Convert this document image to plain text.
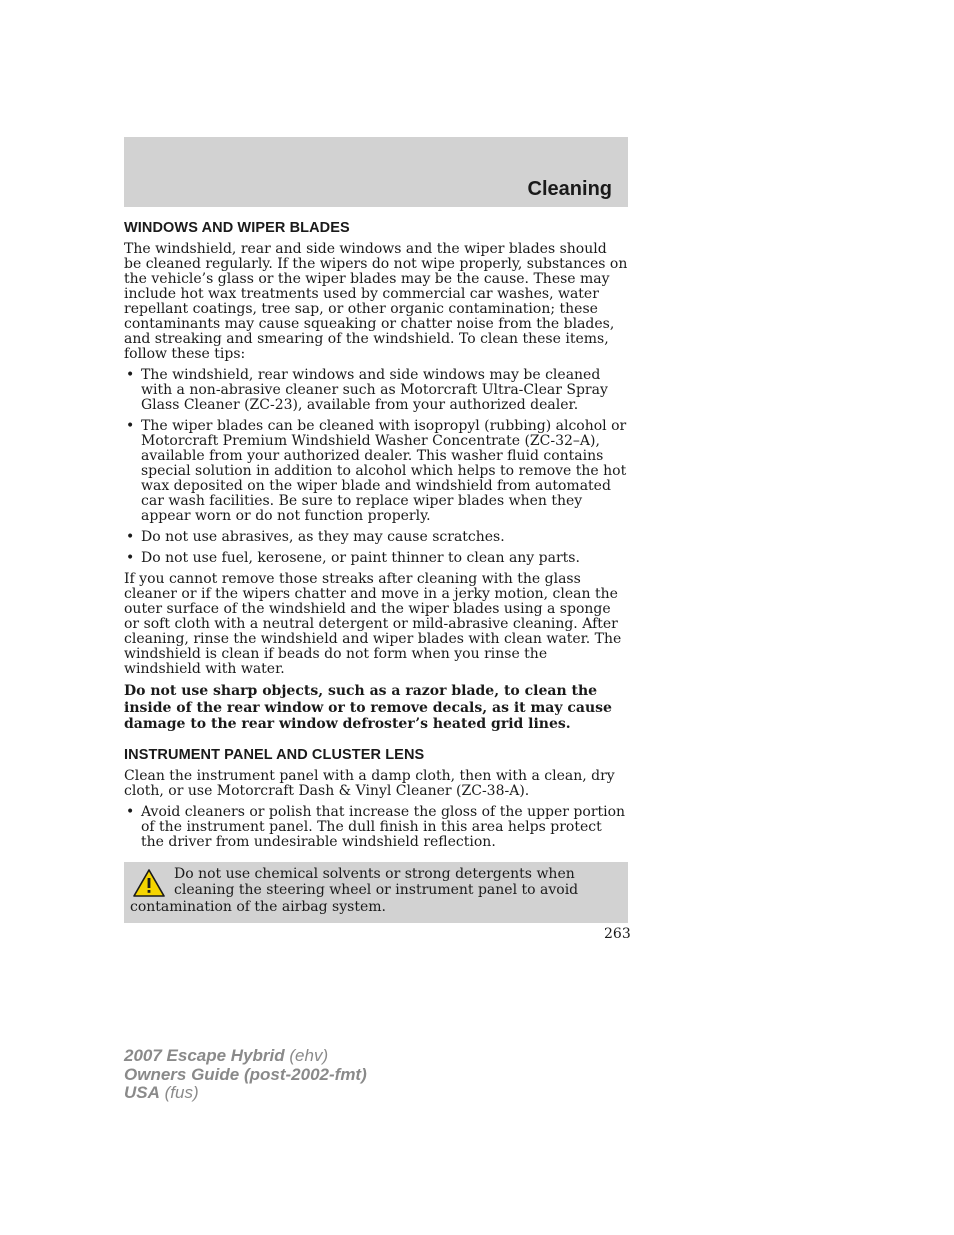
Cleaning
WINDOWS AND WIPER BLADES

The windshield, rear and side windows and the wiper blades should be cleaned regularly. If the wipers do not wipe properly, substances on the vehicle’s glass or the wiper blades may be the cause. These may include hot wax treatments used by commercial car washes, water repellant coatings, tree sap, or other organic contamination; these contaminants may cause squeaking or chatter noise from the blades, and streaking and smearing of the windshield. To clean these items, follow these tips:

• The windshield, rear windows and side windows may be cleaned with a non-abrasive cleaner such as Motorcraft Ultra-Clear Spray Glass Cleaner (ZC-23), available from your authorized dealer.
• The wiper blades can be cleaned with isopropyl (rubbing) alcohol or Motorcraft Premium Windshield Washer Concentrate (ZC-32–A), available from your authorized dealer. This washer fluid contains special solution in addition to alcohol which helps to remove the hot wax deposited on the wiper blade and windshield from automated car wash facilities. Be sure to replace wiper blades when they appear worn or do not function properly.
• Do not use abrasives, as they may cause scratches.
• Do not use fuel, kerosene, or paint thinner to clean any parts.

If you cannot remove those streaks after cleaning with the glass cleaner or if the wipers chatter and move in a jerky motion, clean the outer surface of the windshield and the wiper blades using a sponge or soft cloth with a neutral detergent or mild-abrasive cleaning. After cleaning, rinse the windshield and wiper blades with clean water. The windshield is clean if beads do not form when you rinse the windshield with water.

Do not use sharp objects, such as a razor blade, to clean the inside of the rear window or to remove decals, as it may cause damage to the rear window defroster’s heated grid lines.

INSTRUMENT PANEL AND CLUSTER LENS

Clean the instrument panel with a damp cloth, then with a clean, dry cloth, or use Motorcraft Dash & Vinyl Cleaner (ZC-38-A).

• Avoid cleaners or polish that increase the gloss of the upper portion of the instrument panel. The dull finish in this area helps protect the driver from undesirable windshield reflection.
Do not use chemical solvents or strong detergents when cleaning the steering wheel or instrument panel to avoid contamination of the airbag system.
263
2007 Escape Hybrid (ehv)
Owners Guide (post-2002-fmt)
USA (fus)
